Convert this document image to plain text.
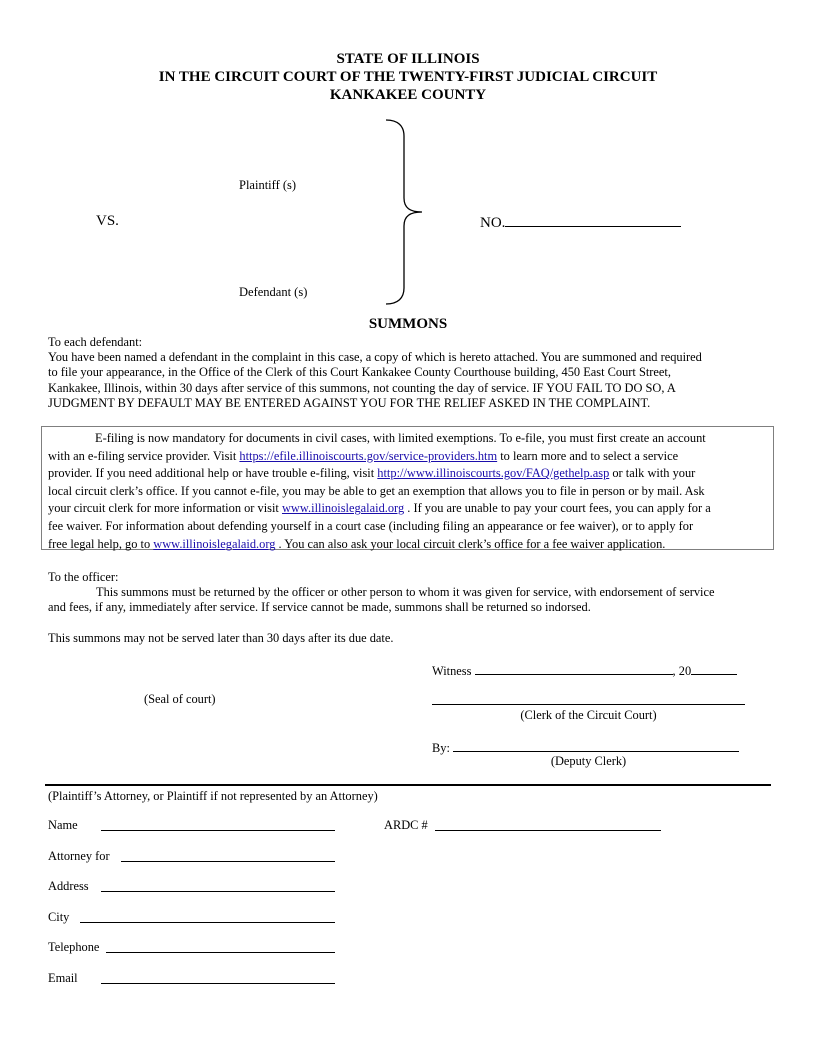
STATE OF ILLINOIS
IN THE CIRCUIT COURT OF THE TWENTY-FIRST JUDICIAL CIRCUIT
KANKAKEE COUNTY
Plaintiff (s)
VS.
Defendant (s)
NO.
SUMMONS
To each defendant:
You have been named a defendant in the complaint in this case, a copy of which is hereto attached. You are summoned and required
to file your appearance, in the Office of the Clerk of this Court Kankakee County Courthouse building, 450 East Court Street,
Kankakee, Illinois, within 30 days after service of this summons, not counting the day of service. IF YOU FAIL TO DO SO, A
JUDGMENT BY DEFAULT MAY BE ENTERED AGAINST YOU FOR THE RELIEF ASKED IN THE COMPLAINT.
E-filing is now mandatory for documents in civil cases, with limited exemptions. To e-file, you must first create an account
with an e-filing service provider. Visit https://efile.illinoiscourts.gov/service-providers.htm to learn more and to select a service
provider. If you need additional help or have trouble e-filing, visit http://www.illinoiscourts.gov/FAQ/gethelp.asp or talk with your
local circuit clerk’s office. If you cannot e-file, you may be able to get an exemption that allows you to file in person or by mail. Ask
your circuit clerk for more information or visit www.illinoislegalaid.org . If you are unable to pay your court fees, you can apply for a
fee waiver. For information about defending yourself in a court case (including filing an appearance or fee waiver), or to apply for
free legal help, go to www.illinoislegalaid.org . You can also ask your local circuit clerk’s office for a fee waiver application.
To the officer:
This summons must be returned by the officer or other person to whom it was given for service, with endorsement of service
and fees, if any, immediately after service. If service cannot be made, summons shall be returned so indorsed.
This summons may not be served later than 30 days after its due date.
Witness	, 20
(Seal of court)
(Clerk of the Circuit Court)
By:
(Deputy Clerk)
(Plaintiff’s Attorney, or Plaintiff if not represented by an Attorney)
Name	ARDC #
Attorney for
Address
City
Telephone
Email
